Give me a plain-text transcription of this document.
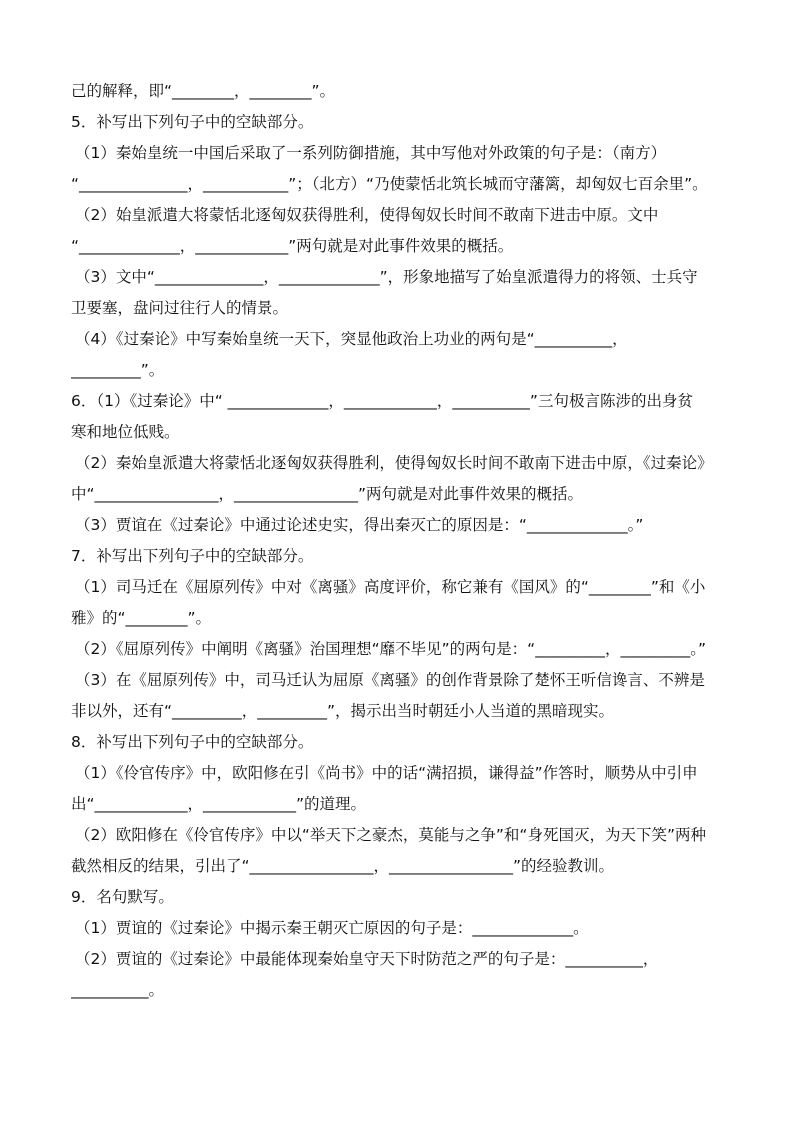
己的解释，即“________，________”。
5．补写出下列句子中的空缺部分。
（1）秦始皇统一中国后采取了一系列防御措施，其中写他对外政策的句子是：（南方）
“______________，___________”；（北方）“乃使蒙恬北筑长城而守藩篱，却匈奴七百余里”。
（2）始皇派遣大将蒙恬北逐匈奴获得胜利，使得匈奴长时间不敢南下进击中原。文中
“_____________，____________”两句就是对此事件效果的概括。
（3）文中“______________，_____________”，形象地描写了始皇派遣得力的将领、士兵守
卫要塞，盘问过往行人的情景。
（4）《过秦论》中写秦始皇统一天下，突显他政治上功业的两句是“__________，
_________”。
6．（1）《过秦论》中“ _____________，____________，__________”三句极言陈涉的出身贫
寒和地位低贱。
（2）秦始皇派遣大将蒙恬北逐匈奴获得胜利，使得匈奴长时间不敢南下进击中原，《过秦论》
中“________________，________________”两句就是对此事件效果的概括。
（3）贾谊在《过秦论》中通过论述史实，得出秦灭亡的原因是：“_____________。”
7．补写出下列句子中的空缺部分。
（1）司马迁在《屈原列传》中对《离骚》高度评价，称它兼有《国风》的“________”和《小
雅》的“________”。
（2）《屈原列传》中阐明《离骚》治国理想“靡不毕见”的两句是：“_________，_________。”
（3）在《屈原列传》中，司马迁认为屈原《离骚》的创作背景除了楚怀王听信谗言、不辨是
非以外，还有“_________，_________”，揭示出当时朝廷小人当道的黑暗现实。
8．补写出下列句子中的空缺部分。
（1）《伶官传序》中，欧阳修在引《尚书》中的话“满招损，谦得益”作答时，顺势从中引申
出“____________，____________”的道理。
（2）欧阳修在《伶官传序》中以“举天下之豪杰，莫能与之争”和“身死国灭，为天下笑”两种
截然相反的结果，引出了“________________，________________”的经验教训。
9．名句默写。
（1）贾谊的《过秦论》中揭示秦王朝灭亡原因的句子是：_____________。
（2）贾谊的《过秦论》中最能体现秦始皇守天下时防范之严的句子是：__________，
__________。
